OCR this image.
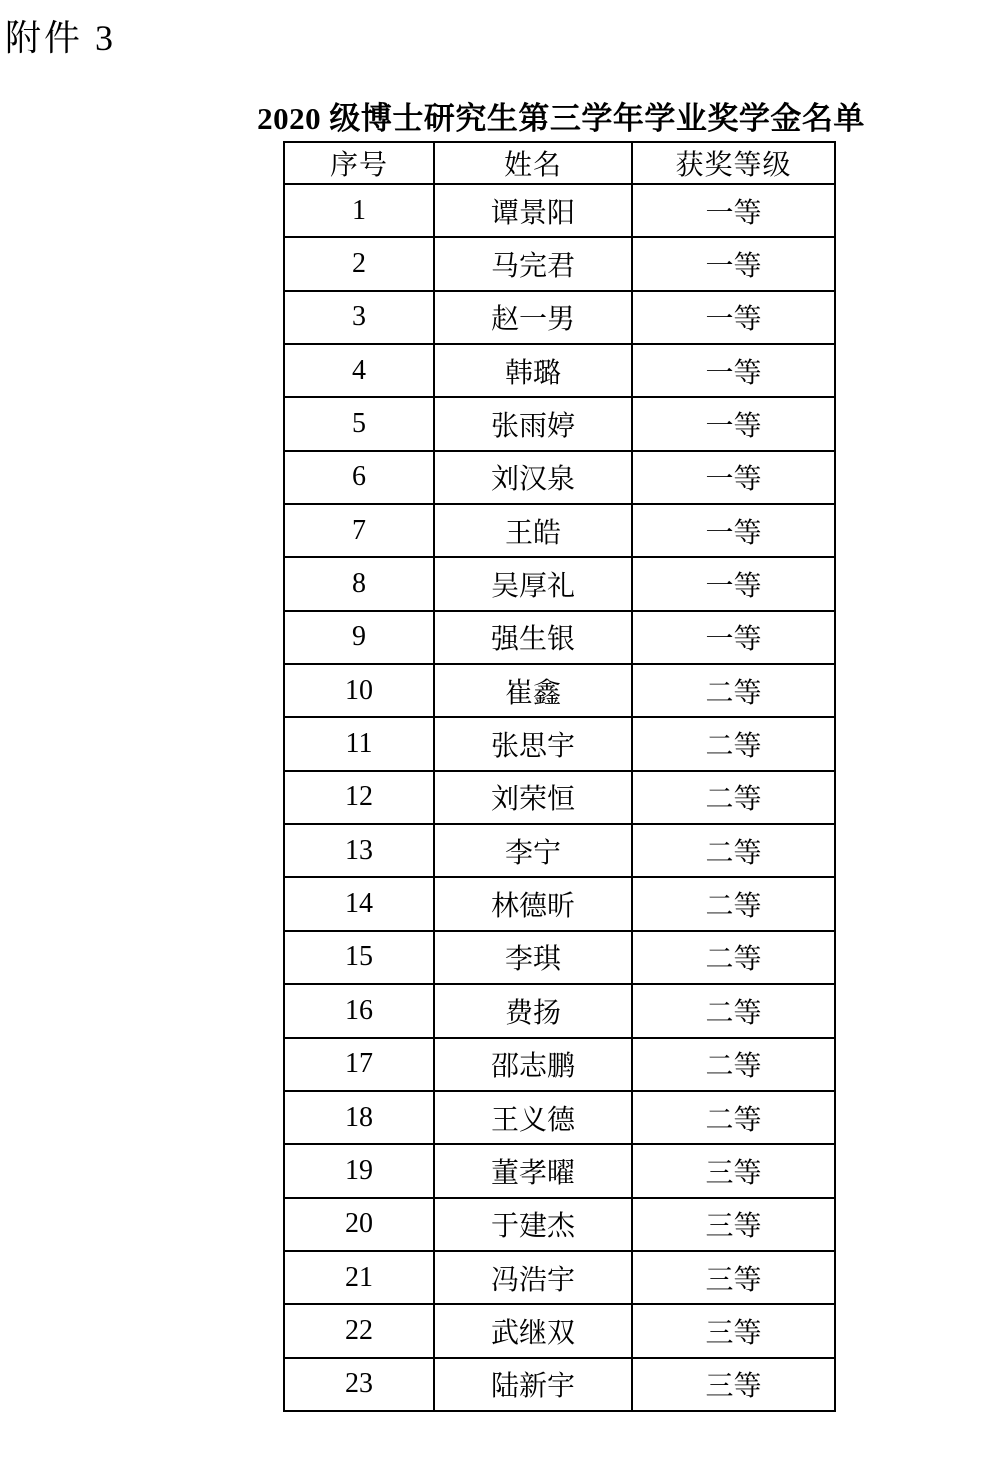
附件 3
2020 级博士研究生第三学年学业奖学金名单
序号	姓名	获奖等级
1	谭景阳	一等
2	马完君	一等
3	赵一男	一等
4	韩璐	一等
5	张雨婷	一等
6	刘汉泉	一等
7	王皓	一等
8	吴厚礼	一等
9	强生银	一等
10	崔鑫	二等
11	张思宇	二等
12	刘荣恒	二等
13	李宁	二等
14	林德昕	二等
15	李琪	二等
16	费扬	二等
17	邵志鹏	二等
18	王义德	二等
19	董孝曜	三等
20	于建杰	三等
21	冯浩宇	三等
22	武继双	三等
23	陆新宇	三等
